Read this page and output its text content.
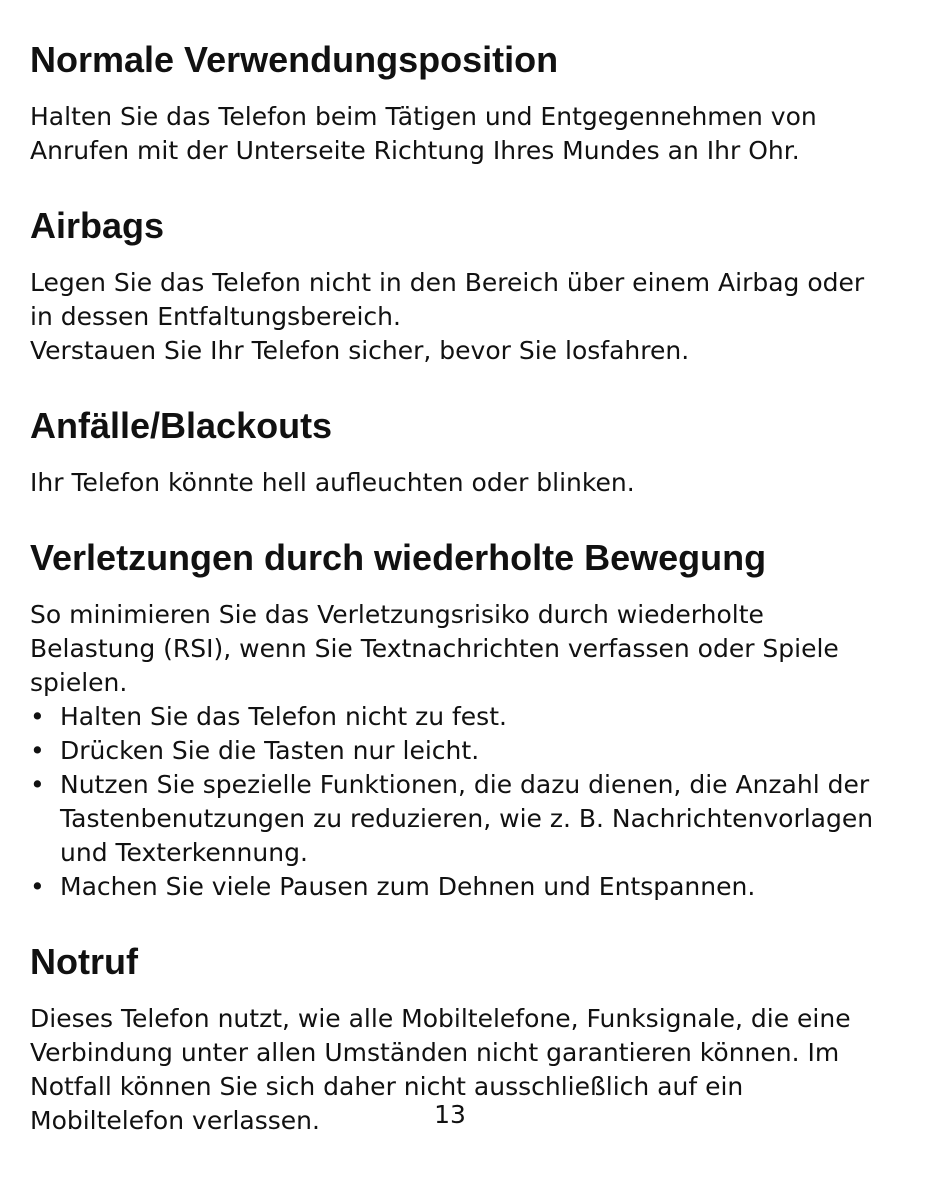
Normale Verwendungsposition

Halten Sie das Telefon beim Tätigen und Entgegennehmen von Anrufen mit der Unterseite Richtung Ihres Mundes an Ihr Ohr.

Airbags

Legen Sie das Telefon nicht in den Bereich über einem Airbag oder in dessen Entfaltungsbereich.

Verstauen Sie Ihr Telefon sicher, bevor Sie losfahren.

Anfälle/Blackouts

Ihr Telefon könnte hell aufleuchten oder blinken.

Verletzungen durch wiederholte Bewegung

So minimieren Sie das Verletzungsrisiko durch wiederholte Belastung (RSI), wenn Sie Textnachrichten verfassen oder Spiele spielen.

• Halten Sie das Telefon nicht zu fest.
• Drücken Sie die Tasten nur leicht.
• Nutzen Sie spezielle Funktionen, die dazu dienen, die Anzahl der Tastenbenutzungen zu reduzieren, wie z. B. Nachrichtenvorlagen und Texterkennung.
• Machen Sie viele Pausen zum Dehnen und Entspannen.
Notruf

Dieses Telefon nutzt, wie alle Mobiltelefone, Funksignale, die eine Verbindung unter allen Umständen nicht garantieren können. Im Notfall können Sie sich daher nicht ausschließlich auf ein Mobiltelefon verlassen.	13
